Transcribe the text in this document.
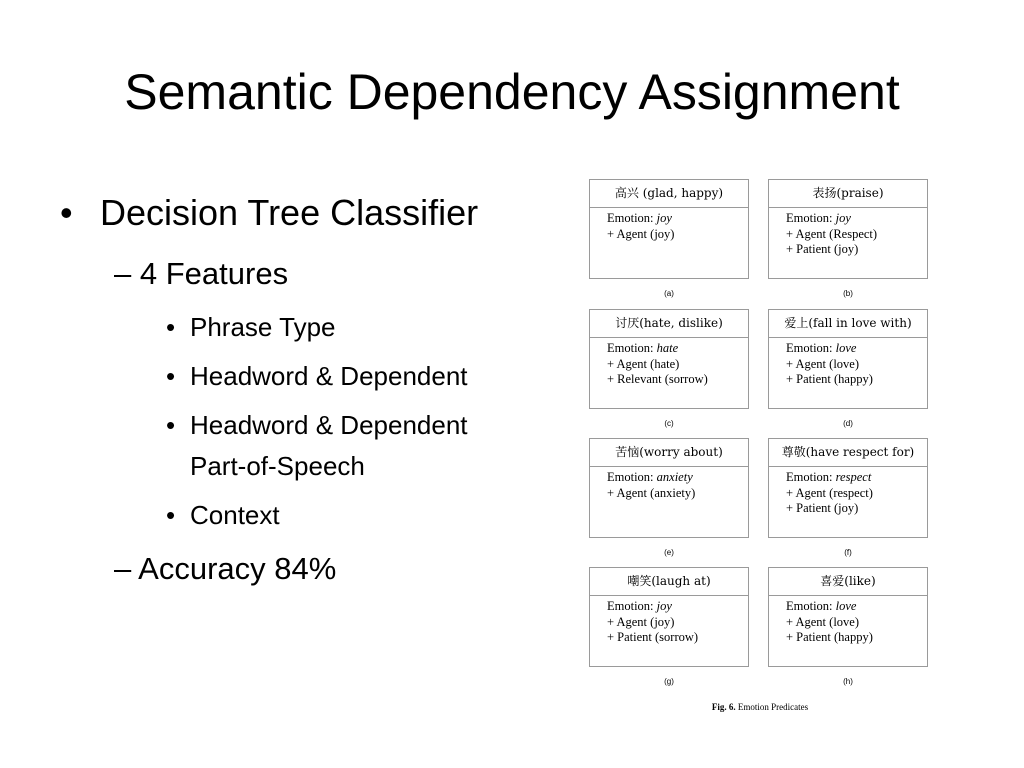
Semantic Dependency Assignment
• Decision Tree Classifier
– 4 Features
• Phrase Type
• Headword & Dependent
• Headword & Dependent
Part-of-Speech
• Context
– Accuracy 84%
高兴 (glad, happy)
Emotion: joy
+ Agent (joy)
(a)
表扬(praise)
Emotion: joy
+ Agent (Respect)
+ Patient (joy)
(b)
讨厌(hate, dislike)
Emotion: hate
+ Agent (hate)
+ Relevant (sorrow)
(c)
爱上(fall in love with)
Emotion: love
+ Agent (love)
+ Patient (happy)
(d)
苦恼(worry about)
Emotion: anxiety
+ Agent (anxiety)
(e)
尊敬(have respect for)
Emotion: respect
+ Agent (respect)
+ Patient (joy)
(f)
嘲笑(laugh at)
Emotion: joy
+ Agent (joy)
+ Patient (sorrow)
(g)
喜爱(like)
Emotion: love
+ Agent (love)
+ Patient (happy)
(h)
Fig. 6. Emotion Predicates
